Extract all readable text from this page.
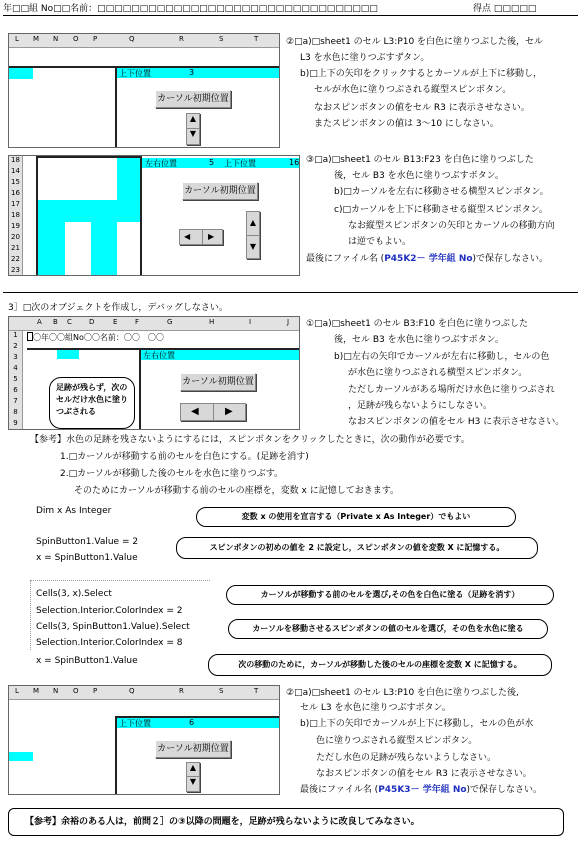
年□□組 No□□名前：□□□□□□□□□□□□□□□□□□□□□□□□□□□□□□□□□	得点 □□□□□
L M N O P	Q	R	S	T
上下位置	3
カーソル初期位置
▲
▼
②□a)□sheet1 のセル L3:P10 を白色に塗りつぶした後，セル
L3 を水色に塗りつぶすずタン。
b)□上下の矢印をクリックするとカーソルが上下に移動し，
セルが水色に塗りつぶされる縦型スピンボタン。
なおスピンボタンの値をセル R3 に表示させなさい。
またスピンボタンの値は 3～10 にしなさい。
18
14
15
16
17
18
19
20
21
22
23
左右位置	5 上下位置	16
カーソル初期位置
◀ ▶
▲
▼
③□a)□sheet1 のセル B13:F23 を白色に塗りつぶした
後，セル B3 を水色に塗りつぶすボタン。
b)□カーソルを左右に移動させる横型スピンボタン。
c)□カーソルを上下に移動させる縦型スピンボタン。
なお縦型スピンボタンの矢印とカーソルの移動方向
は逆でもよい。
最後にファイル名 (P45K2－ 学年組 No)で保存しなさい。
3］□次のオブジェクトを作成し，デバッグしなさい。
A B C D	E	F	G	H	I	J
1
2
3
4
5
6
7
8
9
〇年〇〇組No〇〇名前：〇〇　〇〇
左右位置
カーソル初期位置
◀	▶
足跡が残らず，次のセルだけ水色に塗りつぶされる
①□a)□sheet1 のセル B3:F10 を白色に塗りつぶした
後，セル B3 を水色に塗りつぶすボタン。
b)□左右の矢印でカーソルが左右に移動し，セルの色
が水色に塗りつぶされる横型スピンボタン。
ただしカーソルがある場所だけ水色に塗りつぶされ
，足跡が残らないようにしなさい。
なおスピンボタンの値をセル H3 に表示させなさい。
【参考】水色の足跡を残さないようにするには，スピンボタンをクリックしたときに，次の動作が必要です。
1.□カーソルが移動する前のセルを白色にする。(足跡を消す)
2.□カーソルが移動した後のセルを水色に塗りつぶす。
そのためにカーソルが移動する前のセルの座標を，変数 x に記憶しておきます。
Dim x As Integer
SpinButton1.Value = 2
x = SpinButton1.Value
Cells(3, x).Select
Selection.Interior.ColorIndex = 2
Cells(3, SpinButton1.Value).Select
Selection.Interior.ColorIndex = 8
x = SpinButton1.Value
変数 x の使用を宣言する（Private x As Integer）でもよい
スピンボタンの初めの値を 2 に設定し，スピンボタンの値を変数 X に記憶する。
カーソルが移動する前のセルを選び,その色を白色に塗る（足跡を消す）
カーソルを移動させるスピンボタンの値のセルを選び，その色を水色に塗る
次の移動のために，カーソルが移動した後のセルの座標を変数 X に記憶する。
L M N O P	Q	R	S	T
上下位置	6
カーソル初期位置
▲
▼
②□a)□sheet1 のセル L3:P10 を白色に塗りつぶした後,
セル L3 を水色に塗りつぶすボタン。
b)□上下の矢印でカーソルが上下に移動し，セルの色が水
色に塗りつぶされる縦型スピンボタン。
ただし水色の足跡が残らないようしなさい。
なおスピンボタンの値をセル R3 に表示させなさい。
最後にファイル名 (P45K3－ 学年組 No)で保存しなさい。
【参考】余裕のある人は，前問２］の③以降の問題を，足跡が残らないように改良してみなさい。
